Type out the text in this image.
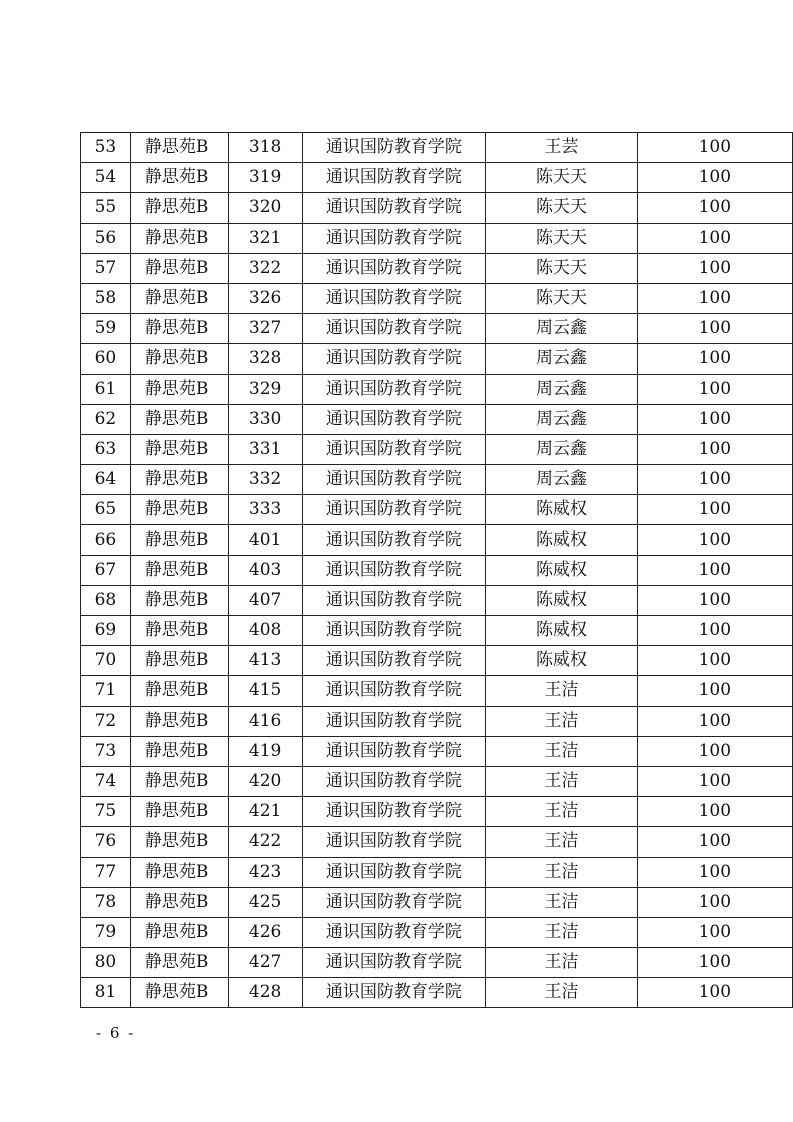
53	静思苑B	318	通识国防教育学院	王芸	100
54	静思苑B	319	通识国防教育学院	陈天天	100
55	静思苑B	320	通识国防教育学院	陈天天	100
56	静思苑B	321	通识国防教育学院	陈天天	100
57	静思苑B	322	通识国防教育学院	陈天天	100
58	静思苑B	326	通识国防教育学院	陈天天	100
59	静思苑B	327	通识国防教育学院	周云鑫	100
60	静思苑B	328	通识国防教育学院	周云鑫	100
61	静思苑B	329	通识国防教育学院	周云鑫	100
62	静思苑B	330	通识国防教育学院	周云鑫	100
63	静思苑B	331	通识国防教育学院	周云鑫	100
64	静思苑B	332	通识国防教育学院	周云鑫	100
65	静思苑B	333	通识国防教育学院	陈威权	100
66	静思苑B	401	通识国防教育学院	陈威权	100
67	静思苑B	403	通识国防教育学院	陈威权	100
68	静思苑B	407	通识国防教育学院	陈威权	100
69	静思苑B	408	通识国防教育学院	陈威权	100
70	静思苑B	413	通识国防教育学院	陈威权	100
71	静思苑B	415	通识国防教育学院	王洁	100
72	静思苑B	416	通识国防教育学院	王洁	100
73	静思苑B	419	通识国防教育学院	王洁	100
74	静思苑B	420	通识国防教育学院	王洁	100
75	静思苑B	421	通识国防教育学院	王洁	100
76	静思苑B	422	通识国防教育学院	王洁	100
77	静思苑B	423	通识国防教育学院	王洁	100
78	静思苑B	425	通识国防教育学院	王洁	100
79	静思苑B	426	通识国防教育学院	王洁	100
80	静思苑B	427	通识国防教育学院	王洁	100
81	静思苑B	428	通识国防教育学院	王洁	100
- 6 -
